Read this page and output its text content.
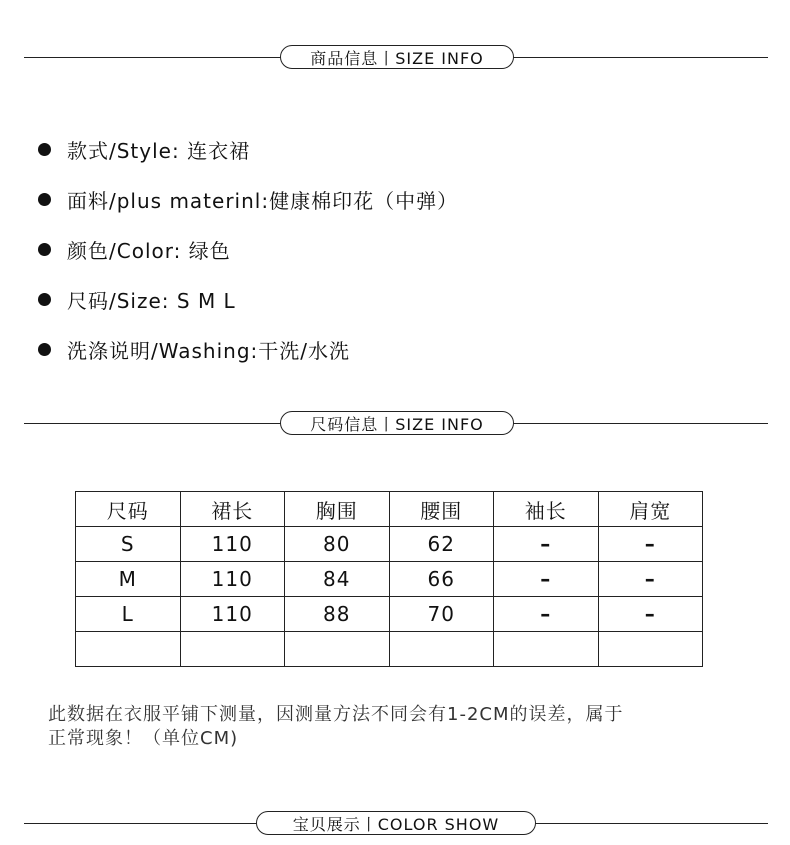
商品信息丨SIZE INFO
款式/Style: 连衣裙
面料/plus materinl:健康棉印花（中弹）
颜色/Color: 绿色
尺码/Size: S M L
洗涤说明/Washing:干洗/水洗
尺码信息丨SIZE INFO
尺码	裙长	胸围	腰围	袖长	肩宽
S	110	80	62	–	–
M	110	84	66	–	–
L	110	88	70	–	–

此数据在衣服平铺下测量，因测量方法不同会有1-2CM的误差，属于
正常现象！（单位CM)

宝贝展示丨COLOR SHOW
